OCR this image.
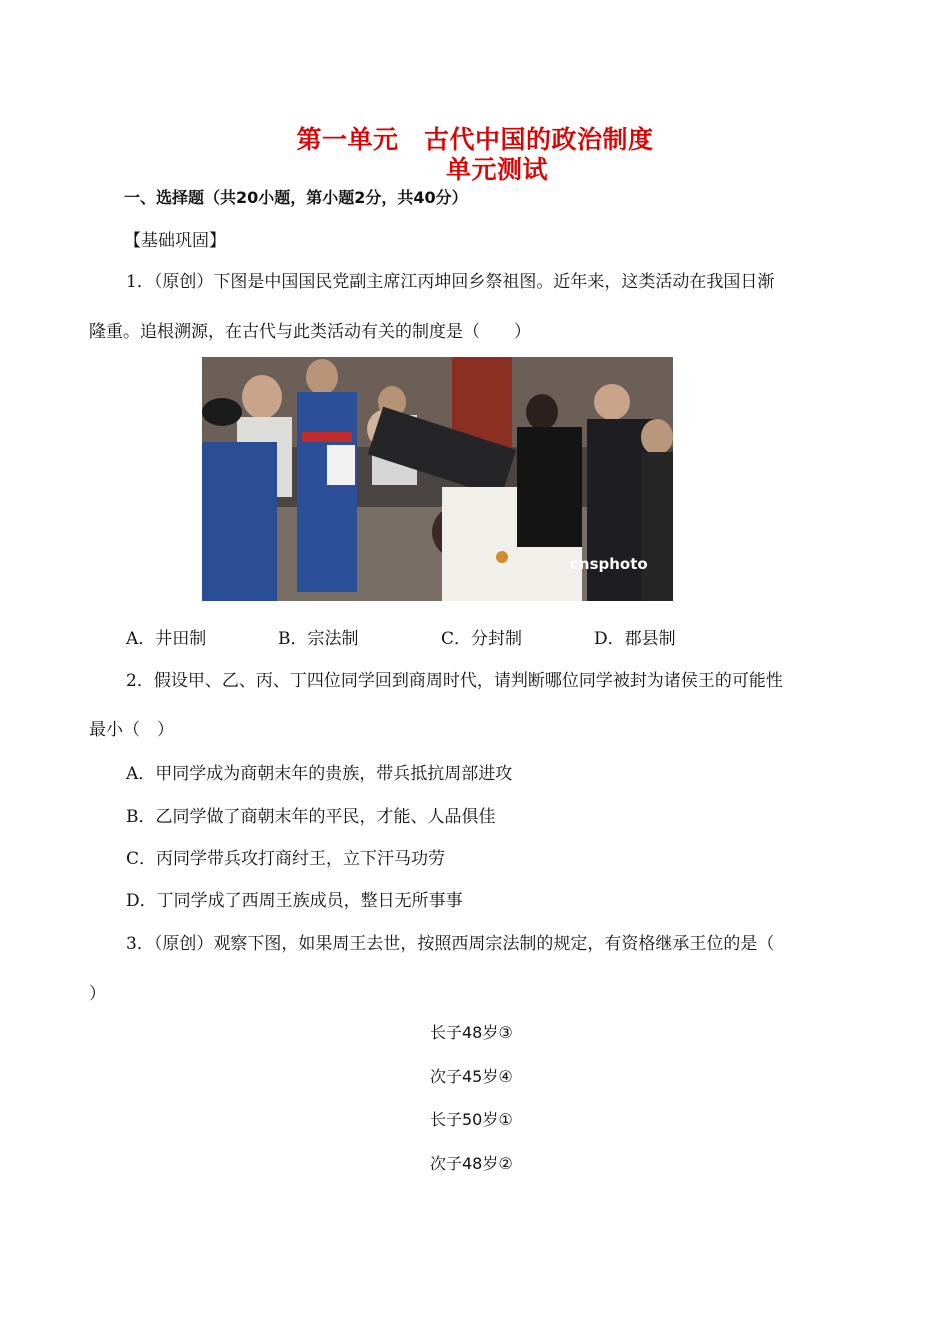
第一单元　古代中国的政治制度
单元测试
一、选择题（共20小题，第小题2分，共40分）
【基础巩固】
1．（原创）下图是中国国民党副主席江丙坤回乡祭祖图。近年来，这类活动在我国日渐
隆重。追根溯源，在古代与此类活动有关的制度是（　　）
cnsphoto
A．井田制	B．宗法制	C．分封制	D．郡县制
2．假设甲、乙、丙、丁四位同学回到商周时代，请判断哪位同学被封为诸侯王的可能性
最小（　）
A．甲同学成为商朝末年的贵族，带兵抵抗周部进攻
B．乙同学做了商朝末年的平民，才能、人品俱佳
C．丙同学带兵攻打商纣王，立下汗马功劳
D．丁同学成了西周王族成员，整日无所事事
3．（原创）观察下图，如果周王去世，按照西周宗法制的规定，有资格继承王位的是（
）
长子48岁③
次子45岁④
长子50岁①
次子48岁②
